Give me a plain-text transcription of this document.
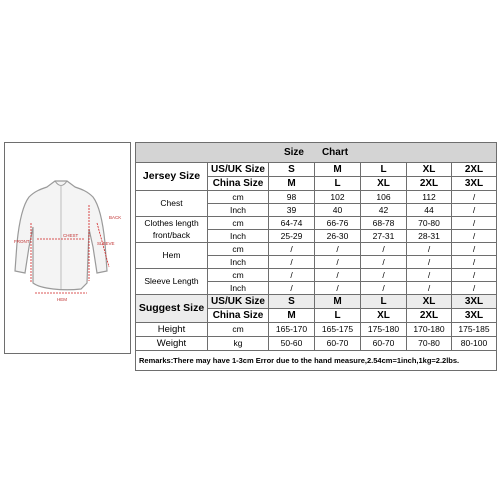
BACK
FRONT
CHEST
SLEEVE
HEM
Size Chart						
Jersey Size	US/UK Size	S	M	L	XL	2XL
	China Size	M	L	XL	2XL	3XL
Chest	cm	98	102	106	112	/
	Inch	39	40	42	44	/
Clothes length front/back	cm	64-74	66-76	68-78	70-80	/
	Inch	25-29	26-30	27-31	28-31	/
Hem	cm	/	/	/	/	/
	Inch	/	/	/	/	/
Sleeve Length	cm	/	/	/	/	/
	Inch	/	/	/	/	/
Suggest Size	US/UK Size	S	M	L	XL	3XL
	China Size	M	L	XL	2XL	3XL
Height	cm	165-170	165-175	175-180	170-180	175-185
Weight	kg	50-60	60-70	60-70	70-80	80-100
Remarks:There may have 1-3cm Error due to the hand measure,2.54cm=1inch,1kg=2.2lbs.						
